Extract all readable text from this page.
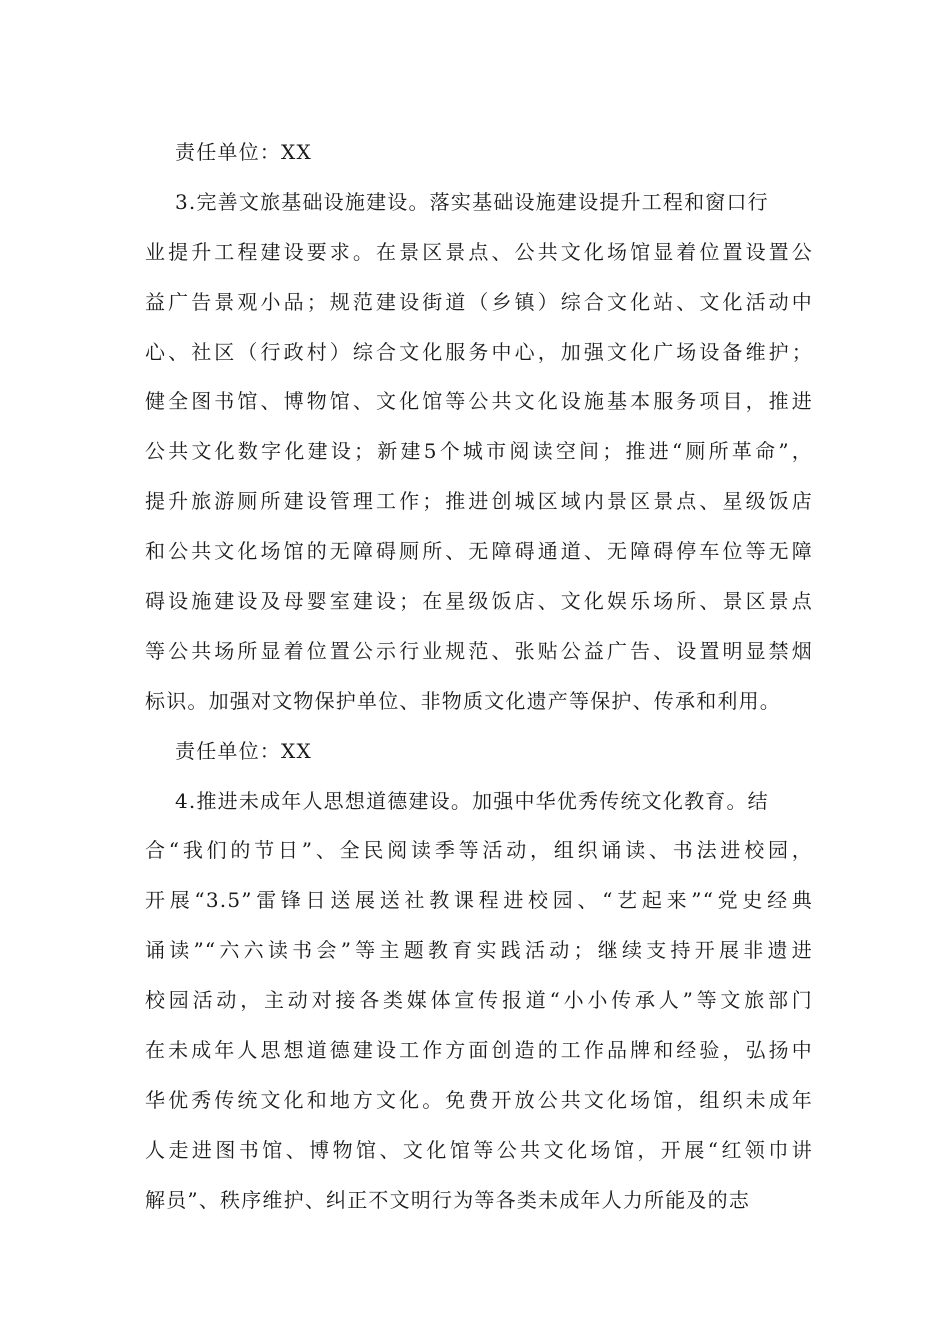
责任单位：XX
3.完善文旅基础设施建设。落实基础设施建设提升工程和窗口行
业提升工程建设要求。在景区景点、公共文化场馆显着位置设置公
益广告景观小品；规范建设街道（乡镇）综合文化站、文化活动中
心、社区（行政村）综合文化服务中心，加强文化广场设备维护；
健全图书馆、博物馆、文化馆等公共文化设施基本服务项目，推进
公共文化数字化建设；新建5个城市阅读空间；推进“厕所革命”，
提升旅游厕所建设管理工作；推进创城区域内景区景点、星级饭店
和公共文化场馆的无障碍厕所、无障碍通道、无障碍停车位等无障
碍设施建设及母婴室建设；在星级饭店、文化娱乐场所、景区景点
等公共场所显着位置公示行业规范、张贴公益广告、设置明显禁烟
标识。加强对文物保护单位、非物质文化遗产等保护、传承和利用。
责任单位：XX
4.推进未成年人思想道德建设。加强中华优秀传统文化教育。结
合“我们的节日”、全民阅读季等活动，组织诵读、书法进校园，
开展“3.5”雷锋日送展送社教课程进校园、“艺起来”“党史经典
诵读”“六六读书会”等主题教育实践活动；继续支持开展非遗进
校园活动，主动对接各类媒体宣传报道“小小传承人”等文旅部门
在未成年人思想道德建设工作方面创造的工作品牌和经验，弘扬中
华优秀传统文化和地方文化。免费开放公共文化场馆，组织未成年
人走进图书馆、博物馆、文化馆等公共文化场馆，开展“红领巾讲
解员”、秩序维护、纠正不文明行为等各类未成年人力所能及的志
